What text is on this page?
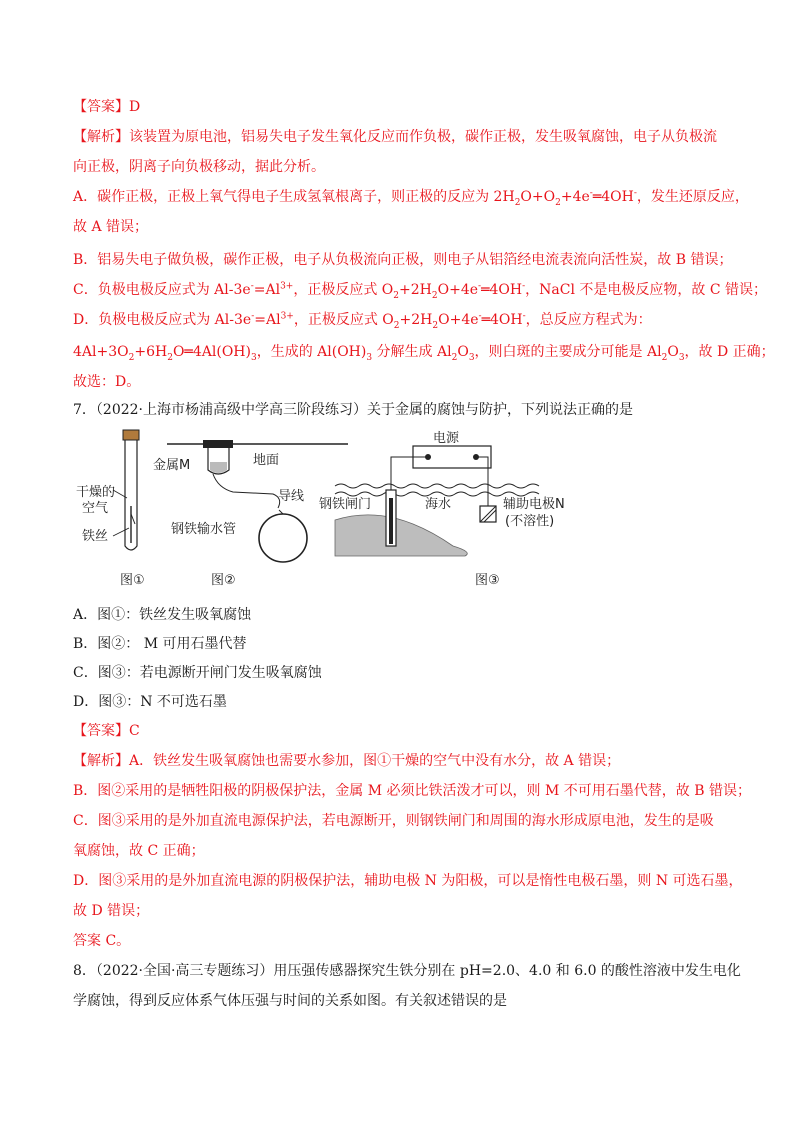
【答案】D
【解析】该装置为原电池，铝易失电子发生氧化反应而作负极，碳作正极，发生吸氧腐蚀，电子从负极流
向正极，阴离子向负极移动，据此分析。
A．碳作正极，正极上氧气得电子生成氢氧根离子，则正极的反应为 $2H_2O+O_2+4e^-═4OH^-$，发生还原反应，
故 A 错误；
B．铝易失电子做负极，碳作正极，电子从负极流向正极，则电子从铝箔经电流表流向活性炭，故 B 错误；
C．负极电极反应式为 $Al-3e^-=Al^{3+}$，正极反应式 $O_2+2H_2O+4e^-═4OH^-$，NaCl 不是电极反应物，故 C 错误；
D．负极电极反应式为 $Al-3e^-=Al^{3+}$，正极反应式 $O_2+2H_2O+4e^-═4OH^-$，总反应方程式为：
$4Al+3O_2+6H_2O═4Al(OH)_3$，生成的 $Al(OH)_3$ 分解生成 $Al_2O_3$，则白斑的主要成分可能是 $Al_2O_3$，故 D 正确；
故选：D。
7．（2022·上海市杨浦高级中学高三阶段练习）关于金属的腐蚀与防护，下列说法正确的是
干燥的
空气
铁丝
图①
金属M	地面
导线
钢铁输水管
图②
电源
钢铁闸门	海水	辅助电极N
(不溶性)
图③
A．图①：铁丝发生吸氧腐蚀
B．图②： M 可用石墨代替
C．图③：若电源断开闸门发生吸氧腐蚀
D．图③：N 不可选石墨
【答案】C
【解析】A．铁丝发生吸氧腐蚀也需要水参加，图①干燥的空气中没有水分，故 A 错误；
B．图②采用的是牺牲阳极的阴极保护法，金属 M 必须比铁活泼才可以，则 M 不可用石墨代替，故 B 错误；
C．图③采用的是外加直流电源保护法，若电源断开，则钢铁闸门和周围的海水形成原电池，发生的是吸
氧腐蚀，故 C 正确；
D．图③采用的是外加直流电源的阴极保护法，辅助电极 N 为阳极，可以是惰性电极石墨，则 N 可选石墨，
故 D 错误；
答案 C。
8．（2022·全国·高三专题练习）用压强传感器探究生铁分别在 pH=2.0、4.0 和 6.0 的酸性溶液中发生电化
学腐蚀，得到反应体系气体压强与时间的关系如图。有关叙述错误的是
